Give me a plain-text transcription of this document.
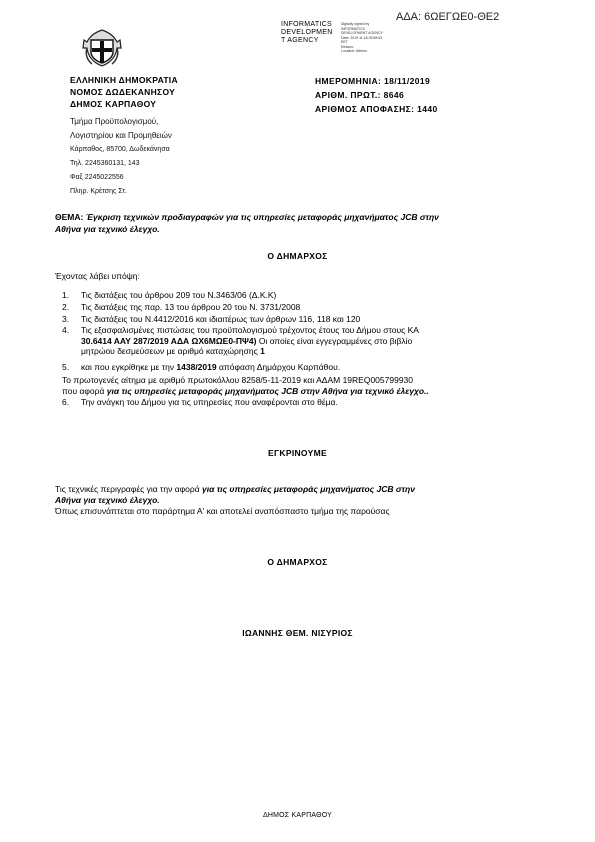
ΑΔΑ: 6ΩΕΓΩΕ0-ΘΕ2
INFORMATICS
DEVELOPMEN
T AGENCY
Digitally signed by
INFORMATICS
DEVELOPMENT AGENCY
Date: 2019.11.18 09:58:53
EET
Reason:
Location: Athens
ΕΛΛΗΝΙΚΗ ΔΗΜΟΚΡΑΤΙΑ
ΝΟΜΟΣ ΔΩΔΕΚΑΝΗΣΟΥ
ΔΗΜΟΣ ΚΑΡΠΑΘΟΥ
Τμήμα Προϋπολογισμού,
Λογιστηρίου και Προμηθειών
Κάρπαθος, 85700, Δωδεκάνησα
Τηλ. 2245360131, 143
Φαξ 2245022556
Πληρ. Κρέτσης Στ.
ΗΜΕΡΟΜΗΝΙΑ: 18/11/2019
ΑΡΙΘΜ. ΠΡΩΤ.: 8646
ΑΡΙΘΜΟΣ ΑΠΟΦΑΣΗΣ: 1440
ΘΕΜΑ: Έγκριση τεχνικών προδιαγραφών για τις υπηρεσίες μεταφοράς μηχανήματος JCB στην
Αθήνα για τεχνικό έλεγχο.
Ο ΔΗΜΑΡΧΟΣ
Έχοντας λάβει υπόψη:
1. Τις διατάξεις του άρθρου 209 του Ν.3463/06 (Δ.Κ.Κ)
2. Τις διατάξεις της παρ. 13 του άρθρου 20 του Ν. 3731/2008
3. Τις διατάξεις του Ν.4412/2016 και ιδιαιτέρως των άρθρων 116, 118 και 120
4. Τις εξασφαλισμένες πιστώσεις του προϋπολογισμού τρέχοντος έτους του Δήμου στους ΚΑ
30.6414 ΑΑΥ 287/2019 ΑΔΑ ΩΧ6ΜΩΕ0-ΠΨ4) Οι οποίες είναι εγγεγραμμένες στο βιβλίο
μητρώου δεσμεύσεων με αριθμό καταχώρησης 1
5. και που εγκρίθηκε με την 1438/2019 απόφαση Δημάρχου Καρπάθου.
Το πρωτογενές αίτημα με αριθμό πρωτοκόλλου 8258/5-11-2019 και ΑΔΑΜ 19REQ005799930
που αφορά για τις υπηρεσίες μεταφοράς μηχανήματος JCB στην Αθήνα για τεχνικό έλεγχο..
6. Την ανάγκη του Δήμου για τις υπηρεσίες που αναφέρονται στο θέμα.
ΕΓΚΡΙΝΟΥΜΕ
Τις τεχνικές περιγραφές για την αφορά για τις υπηρεσίες μεταφοράς μηχανήματος JCB στην
Αθήνα για τεχνικό έλεγχο.
Όπως επισυνάπτεται στο παράρτημα Α' και αποτελεί αναπόσπαστο τμήμα της παρούσας
Ο ΔΗΜΑΡΧΟΣ
ΙΩΑΝΝΗΣ ΘΕΜ. ΝΙΣΥΡΙΟΣ
ΔΗΜΟΣ ΚΑΡΠΑΘΟΥ
